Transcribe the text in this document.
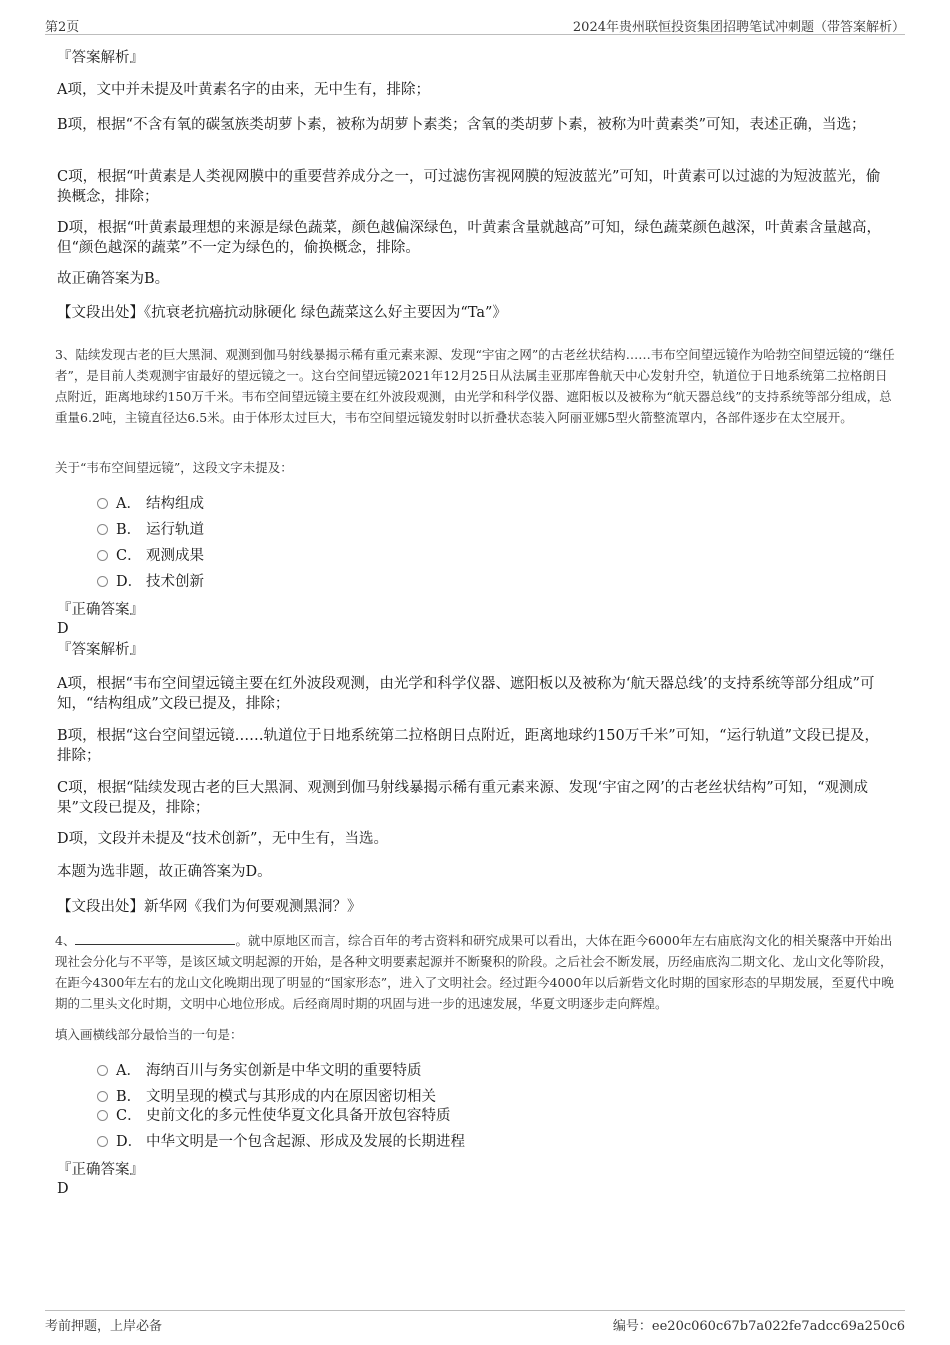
第2页	2024年贵州联恒投资集团招聘笔试冲刺题（带答案解析）
『答案解析』
A项，文中并未提及叶黄素名字的由来，无中生有，排除；
B项，根据“不含有氧的碳氢族类胡萝卜素，被称为胡萝卜素类；含氧的类胡萝卜素，被称为叶黄素类”可知，表述正确，当选；
C项，根据“叶黄素是人类视网膜中的重要营养成分之一，可过滤伤害视网膜的短波蓝光”可知，叶黄素可以过滤的为短波蓝光，偷换概念，排除；
D项，根据“叶黄素最理想的来源是绿色蔬菜，颜色越偏深绿色，叶黄素含量就越高”可知，绿色蔬菜颜色越深，叶黄素含量越高，但“颜色越深的蔬菜”不一定为绿色的，偷换概念，排除。
故正确答案为B。
【文段出处】《抗衰老抗癌抗动脉硬化 绿色蔬菜这么好主要因为“Ta”》
3、陆续发现古老的巨大黑洞、观测到伽马射线暴揭示稀有重元素来源、发现“宇宙之网”的古老丝状结构……韦布空间望远镜作为哈勃空间望远镜的“继任者”，是目前人类观测宇宙最好的望远镜之一。这台空间望远镜2021年12月25日从法属圭亚那库鲁航天中心发射升空，轨道位于日地系统第二拉格朗日点附近，距离地球约150万千米。韦布空间望远镜主要在红外波段观测，由光学和科学仪器、遮阳板以及被称为“航天器总线”的支持系统等部分组成，总重量6.2吨，主镜直径达6.5米。由于体形太过巨大，韦布空间望远镜发射时以折叠状态装入阿丽亚娜5型火箭整流罩内，各部件逐步在太空展开。
关于“韦布空间望远镜”，这段文字未提及：
A． 结构组成
B． 运行轨道
C． 观测成果
D． 技术创新
『正确答案』
D
『答案解析』
A项，根据“韦布空间望远镜主要在红外波段观测，由光学和科学仪器、遮阳板以及被称为‘航天器总线’的支持系统等部分组成”可知，“结构组成”文段已提及，排除；
B项，根据“这台空间望远镜……轨道位于日地系统第二拉格朗日点附近，距离地球约150万千米”可知，“运行轨道”文段已提及，排除；
C项，根据“陆续发现古老的巨大黑洞、观测到伽马射线暴揭示稀有重元素来源、发现‘宇宙之网’的古老丝状结构”可知，“观测成果”文段已提及，排除；
D项，文段并未提及“技术创新”，无中生有，当选。
本题为选非题，故正确答案为D。
【文段出处】新华网《我们为何要观测黑洞？》
4、	。就中原地区而言，综合百年的考古资料和研究成果可以看出，大体在距今6000年左右庙底沟文化的相关聚落中开始出现社会分化与不平等，是该区域文明起源的开始，是各种文明要素起源并不断聚积的阶段。之后社会不断发展，历经庙底沟二期文化、龙山文化等阶段，在距今4300年左右的龙山文化晚期出现了明显的“国家形态”，进入了文明社会。经过距今4000年以后新砦文化时期的国家形态的早期发展，至夏代中晚期的二里头文化时期，文明中心地位形成。后经商周时期的巩固与进一步的迅速发展，华夏文明逐步走向辉煌。
填入画横线部分最恰当的一句是：
A． 海纳百川与务实创新是中华文明的重要特质
B． 文明呈现的模式与其形成的内在原因密切相关
C． 史前文化的多元性使华夏文化具备开放包容特质
D． 中华文明是一个包含起源、形成及发展的长期进程
『正确答案』
D
考前押题，上岸必备	编号：ee20c060c67b7a022fe7adcc69a250c6
